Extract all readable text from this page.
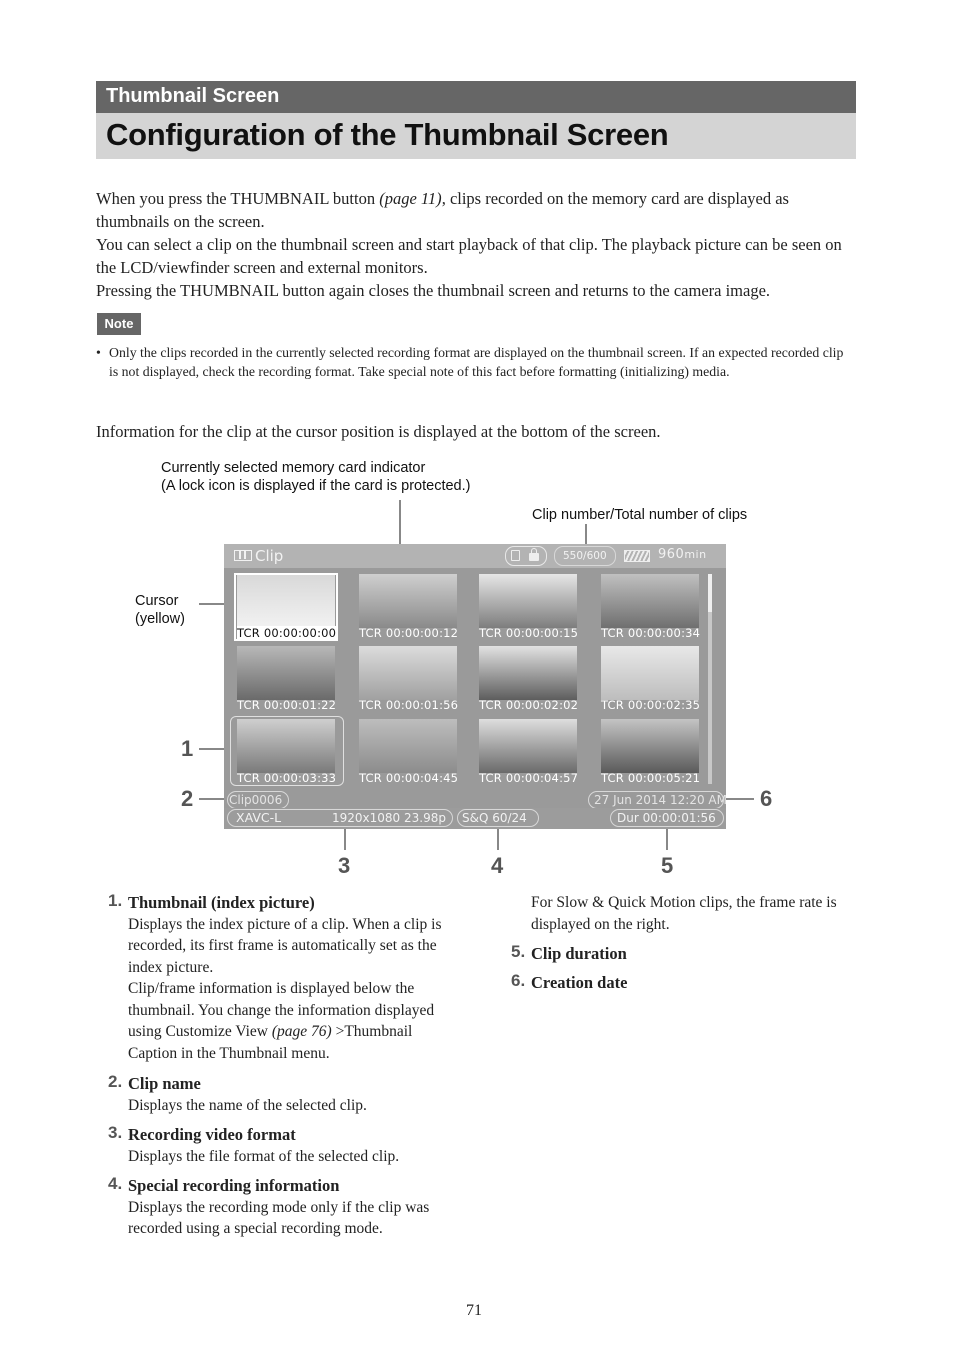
Thumbnail Screen
Configuration of the Thumbnail Screen

When you press the THUMBNAIL button (page 11), clips recorded on the memory card are displayed as thumbnails on the screen.

You can select a clip on the thumbnail screen and start playback of that clip. The playback picture can be seen on the LCD/viewfinder screen and external monitors.

Pressing the THUMBNAIL button again closes the thumbnail screen and returns to the camera image.

Note
• Only the clips recorded in the currently selected recording format are displayed on the thumbnail screen. If an expected recorded clip is not displayed, check the recording format. Take special note of this fact before formatting (initializing) media.

Information for the clip at the cursor position is displayed at the bottom of the screen.

Currently selected memory card indicator
(A lock icon is displayed if the card is protected.)
Clip number/Total number of clips
Cursor
(yellow)
1
2
3	4	5
6
Clip	550/600	960min
TCR 00:00:00:00 TCR 00:00:00:12	TCR 00:00:00:15	TCR 00:00:00:34
TCR 00:00:01:22	TCR 00:00:01:56	TCR 00:00:02:02	TCR 00:00:02:35
TCR 00:00:03:33	TCR 00:00:04:45	TCR 00:00:04:57	TCR 00:00:05:21
Clip0006	27 Jun 2014 12:20 AM
XAVC-L	1920x1080 23.98p S&Q 60/24	Dur 00:00:01:56
1. Thumbnail (index picture)
Displays the index picture of a clip. When a clip is recorded, its first frame is automatically set as the index picture.
Clip/frame information is displayed below the thumbnail. You change the information displayed using Customize View (page 76) >Thumbnail Caption in the Thumbnail menu.
2. Clip name
Displays the name of the selected clip.
3. Recording video format
Displays the file format of the selected clip.
4. Special recording information
Displays the recording mode only if the clip was recorded using a special recording mode.
For Slow & Quick Motion clips, the frame rate is displayed on the right.
5. Clip duration
6. Creation date
71
